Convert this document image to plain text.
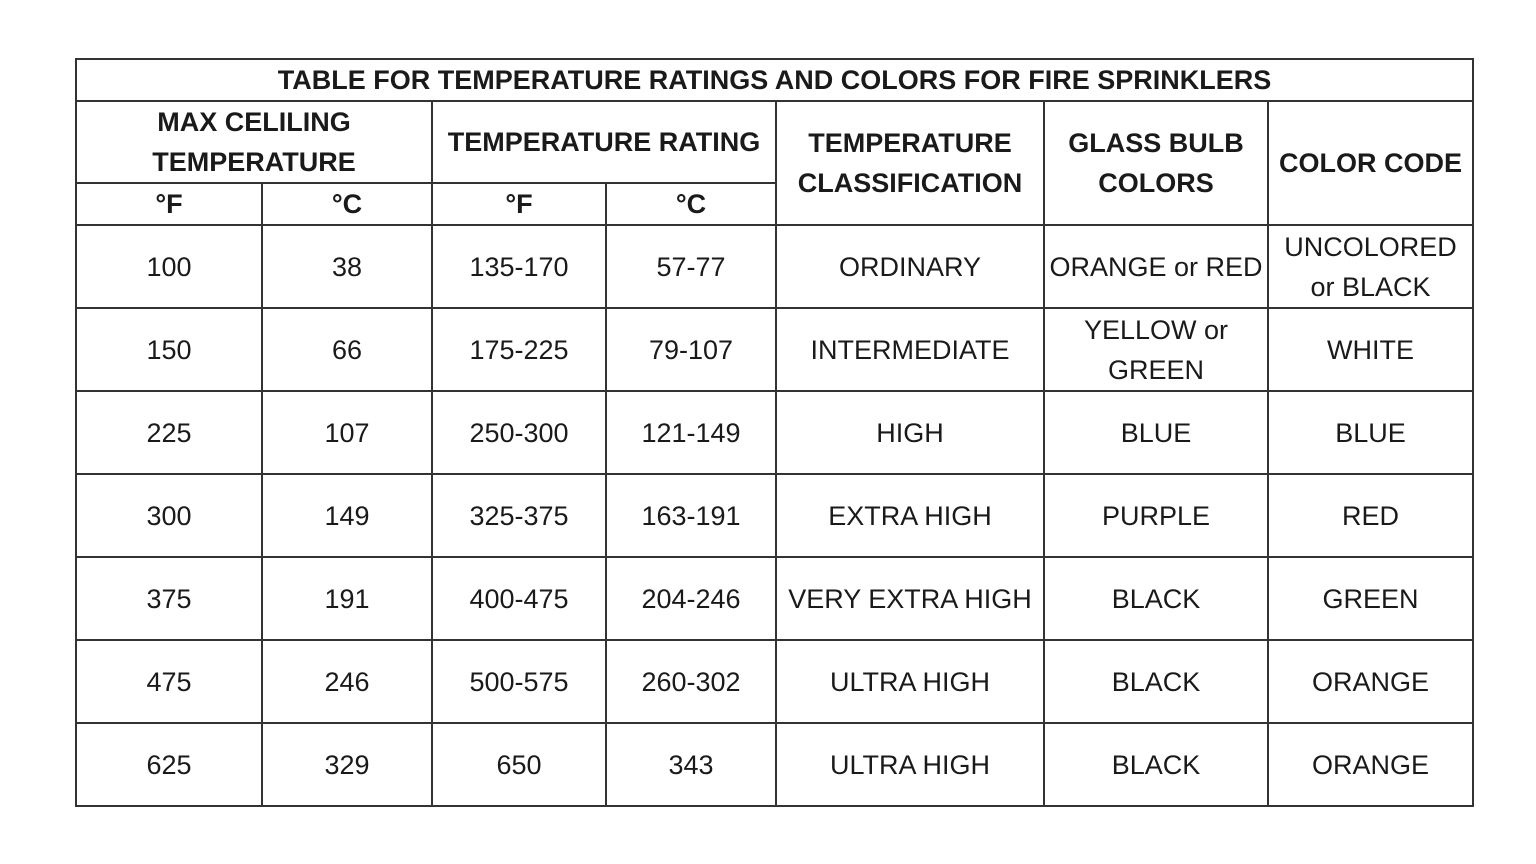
TABLE FOR TEMPERATURE RATINGS AND COLORS FOR FIRE SPRINKLERS						
MAX CELILING TEMPERATURE		TEMPERATURE RATING		TEMPERATURE CLASSIFICATION	GLASS BULB COLORS	COLOR CODE
°F	°C	°F	°C			
100	38	135-170	57-77	ORDINARY	ORANGE or RED	UNCOLORED or BLACK
150	66	175-225	79-107	INTERMEDIATE	YELLOW or GREEN	WHITE
225	107	250-300	121-149	HIGH	BLUE	BLUE
300	149	325-375	163-191	EXTRA HIGH	PURPLE	RED
375	191	400-475	204-246	VERY EXTRA HIGH	BLACK	GREEN
475	246	500-575	260-302	ULTRA HIGH	BLACK	ORANGE
625	329	650	343	ULTRA HIGH	BLACK	ORANGE
